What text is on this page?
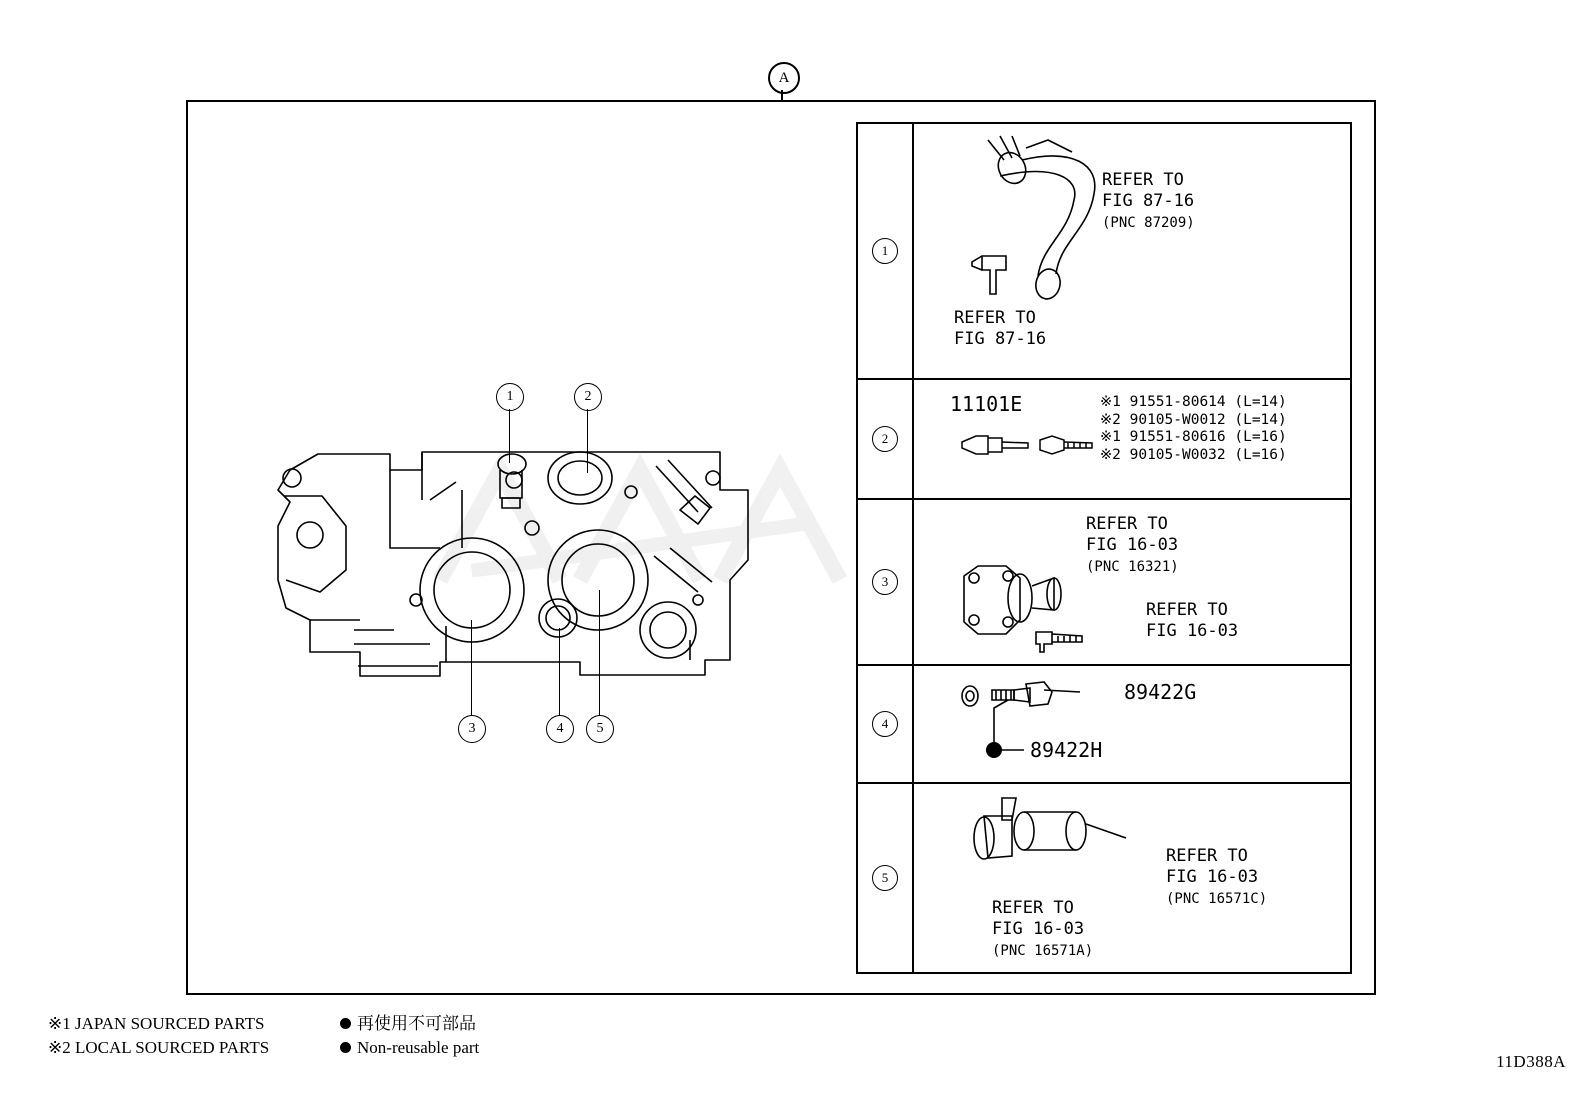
A
1	2
3	4	5
1
REFER TO
FIG 87-16
(PNC 87209)
REFER TO
FIG 87-16
2
11101E	※1 91551-80614 (L=14)
※2 90105-W0012 (L=14)
※1 91551-80616 (L=16)
※2 90105-W0032 (L=16)
3
REFER TO
FIG 16-03
(PNC 16321)
REFER TO
FIG 16-03
4
89422G
89422H
5
REFER TO
FIG 16-03
(PNC 16571C)
REFER TO
FIG 16-03
(PNC 16571A)
※1 JAPAN SOURCED PARTS
※2 LOCAL SOURCED PARTS
再使用不可部品
Non-reusable part
11D388A
